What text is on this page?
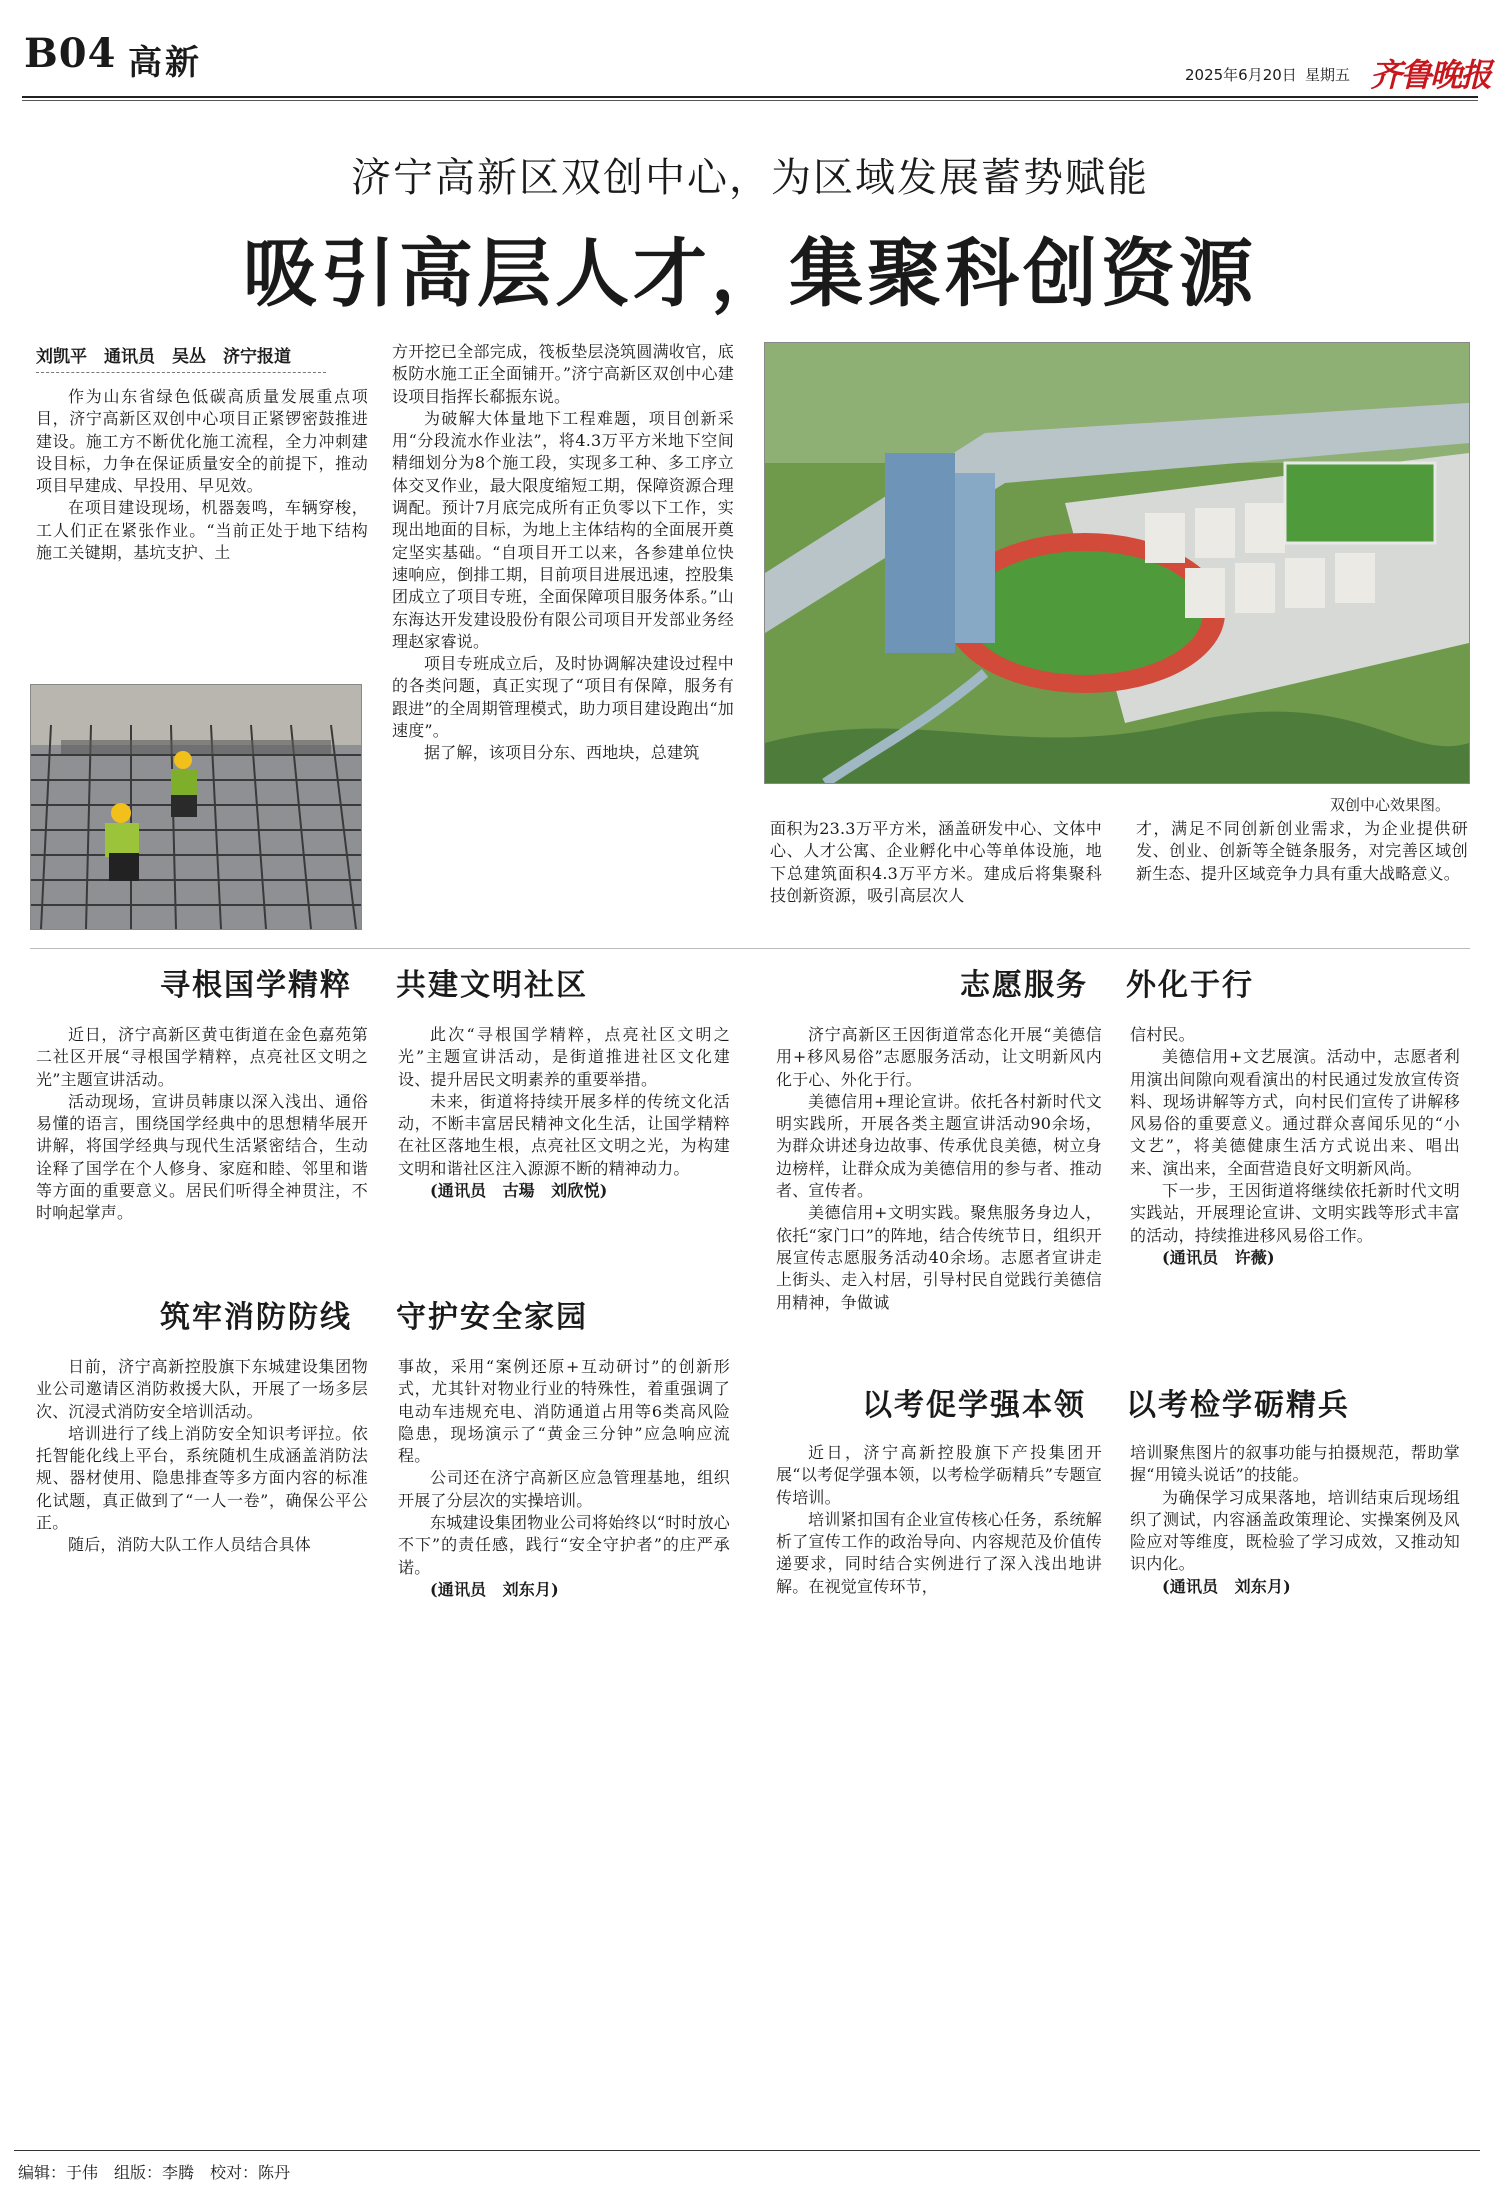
B04 高新	2025年6月20日 星期五 齐鲁晚报
济宁高新区双创中心，为区域发展蓄势赋能
吸引高层人才，集聚科创资源
刘凯平　通讯员　吴丛　济宁报道

作为山东省绿色低碳高质量发展重点项目，济宁高新区双创中心项目正紧锣密鼓推进建设。施工方不断优化施工流程，全力冲刺建设目标，力争在保证质量安全的前提下，推动项目早建成、早投用、早见效。

在项目建设现场，机器轰鸣，车辆穿梭，工人们正在紧张作业。“当前正处于地下结构施工关键期，基坑支护、土

方开挖已全部完成，筏板垫层浇筑圆满收官，底板防水施工正全面铺开。”济宁高新区双创中心建设项目指挥长郗振东说。

为破解大体量地下工程难题，项目创新采用“分段流水作业法”，将4.3万平方米地下空间精细划分为8个施工段，实现多工种、多工序立体交叉作业，最大限度缩短工期，保障资源合理调配。预计7月底完成所有正负零以下工作，实现出地面的目标，为地上主体结构的全面展开奠定坚实基础。“自项目开工以来，各参建单位快速响应，倒排工期，目前项目进展迅速，控股集团成立了项目专班，全面保障项目服务体系。”山东海达开发建设股份有限公司项目开发部业务经理赵家睿说。

项目专班成立后，及时协调解决建设过程中的各类问题，真正实现了“项目有保障，服务有跟进”的全周期管理模式，助力项目建设跑出“加速度”。

据了解，该项目分东、西地块，总建筑

双创中心效果图。

面积为23.3万平方米，涵盖研发中心、文体中心、人才公寓、企业孵化中心等单体设施，地下总建筑面积4.3万平方米。建成后将集聚科技创新资源，吸引高层次人

才，满足不同创新创业需求，为企业提供研发、创业、创新等全链条服务，对完善区域创新生态、提升区域竞争力具有重大战略意义。

寻根国学精粹 共建文明社区

近日，济宁高新区黄屯街道在金色嘉苑第二社区开展“寻根国学精粹，点亮社区文明之光”主题宣讲活动。

活动现场，宣讲员韩康以深入浅出、通俗易懂的语言，围绕国学经典中的思想精华展开讲解，将国学经典与现代生活紧密结合，生动诠释了国学在个人修身、家庭和睦、邻里和谐等方面的重要意义。居民们听得全神贯注，不时响起掌声。

此次“寻根国学精粹，点亮社区文明之光”主题宣讲活动，是街道推进社区文化建设、提升居民文明素养的重要举措。

未来，街道将持续开展多样的传统文化活动，不断丰富居民精神文化生活，让国学精粹在社区落地生根，点亮社区文明之光，为构建文明和谐社区注入源源不断的精神动力。

(通讯员　古瑒　刘欣悦)

志愿服务 外化于行

济宁高新区王因街道常态化开展“美德信用+移风易俗”志愿服务活动，让文明新风内化于心、外化于行。

美德信用+理论宣讲。依托各村新时代文明实践所，开展各类主题宣讲活动90余场，为群众讲述身边故事、传承优良美德，树立身边榜样，让群众成为美德信用的参与者、推动者、宣传者。

美德信用+文明实践。聚焦服务身边人，依托“家门口”的阵地，结合传统节日，组织开展宣传志愿服务活动40余场。志愿者宣讲走上街头、走入村居，引导村民自觉践行美德信用精神，争做诚

信村民。

美德信用+文艺展演。活动中，志愿者利用演出间隙向观看演出的村民通过发放宣传资料、现场讲解等方式，向村民们宣传了讲解移风易俗的重要意义。通过群众喜闻乐见的“小文艺”，将美德健康生活方式说出来、唱出来、演出来，全面营造良好文明新风尚。

下一步，王因街道将继续依托新时代文明实践站，开展理论宣讲、文明实践等形式丰富的活动，持续推进移风易俗工作。

(通讯员　许薇)

筑牢消防防线 守护安全家园

日前，济宁高新控股旗下东城建设集团物业公司邀请区消防救援大队，开展了一场多层次、沉浸式消防安全培训活动。

培训进行了线上消防安全知识考评拉。依托智能化线上平台，系统随机生成涵盖消防法规、器材使用、隐患排查等多方面内容的标准化试题，真正做到了“一人一卷”，确保公平公正。

随后，消防大队工作人员结合具体

事故，采用“案例还原+互动研讨”的创新形式，尤其针对物业行业的特殊性，着重强调了电动车违规充电、消防通道占用等6类高风险隐患，现场演示了“黄金三分钟”应急响应流程。

公司还在济宁高新区应急管理基地，组织开展了分层次的实操培训。

东城建设集团物业公司将始终以“时时放心不下”的责任感，践行“安全守护者”的庄严承诺。

(通讯员　刘东月)

以考促学强本领 以考检学砺精兵

近日，济宁高新控股旗下产投集团开展“以考促学强本领，以考检学砺精兵”专题宣传培训。

培训紧扣国有企业宣传核心任务，系统解析了宣传工作的政治导向、内容规范及价值传递要求，同时结合实例进行了深入浅出地讲解。在视觉宣传环节，

培训聚焦图片的叙事功能与拍摄规范，帮助掌握“用镜头说话”的技能。

为确保学习成果落地，培训结束后现场组织了测试，内容涵盖政策理论、实操案例及风险应对等维度，既检验了学习成效，又推动知识内化。

(通讯员　刘东月)

编辑：于伟　组版：李腾　校对：陈丹
